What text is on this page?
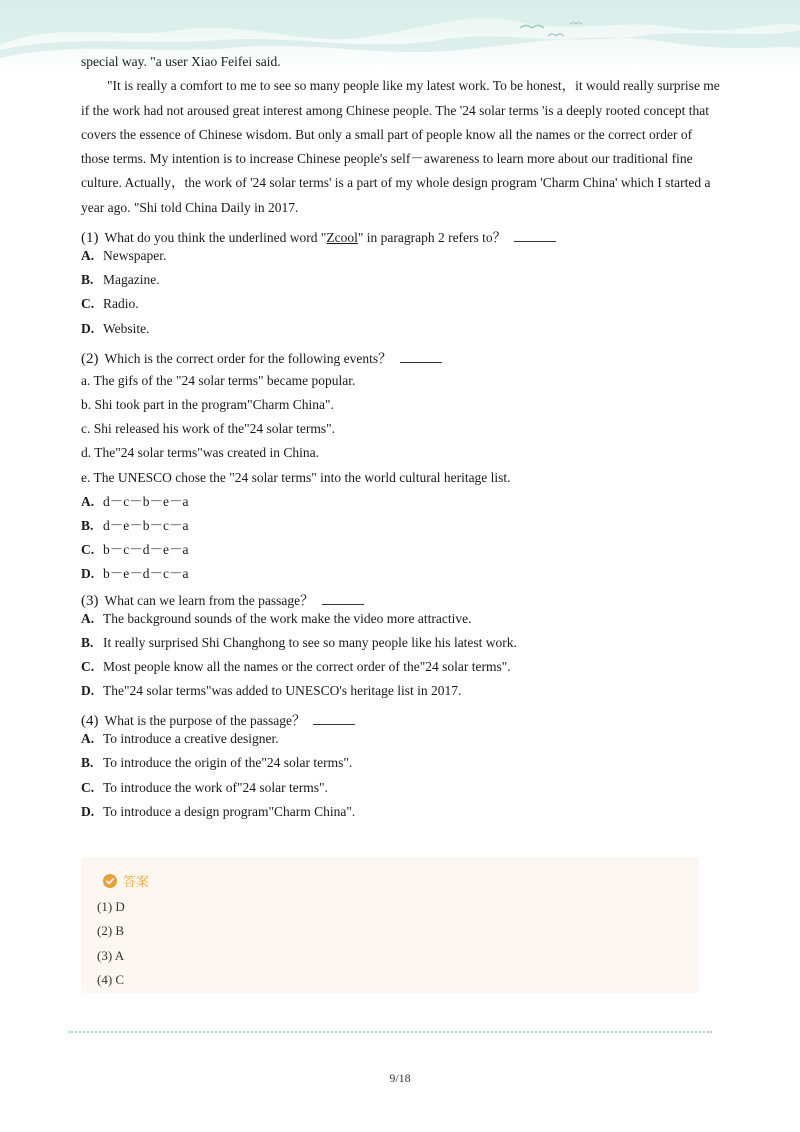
special way. "a user Xiao Feifei said.

"It is really a comfort to me to see so many people like my latest work. To be honest，it would really surprise me if the work had not aroused great interest among Chinese people. The '24 solar terms 'is a deeply rooted concept that covers the essence of Chinese wisdom. But only a small part of people know all the names or the correct order of those terms. My intention is to increase Chinese people's self－awareness to learn more about our traditional fine culture. Actually，the work of '24 solar terms' is a part of my whole design program 'Charm China' which I started a year ago. "Shi told China Daily in 2017.

(1) What do you think the underlined word "Zcool" in paragraph 2 refers to？
A. Newspaper.
B. Magazine.
C. Radio.
D. Website.
(2) Which is the correct order for the following events？
a. The gifs of the "24 solar terms" became popular.
b. Shi took part in the program"Charm China".
c. Shi released his work of the"24 solar terms".
d. The"24 solar terms"was created in China.
e. The UNESCO chose the "24 solar terms" into the world cultural heritage list.
A. d－c－b－e－a
B. d－e－b－c－a
C. b－c－d－e－a
D. b－e－d－c－a
(3) What can we learn from the passage？
A. The background sounds of the work make the video more attractive.
B. It really surprised Shi Changhong to see so many people like his latest work.
C. Most people know all the names or the correct order of the"24 solar terms".
D. The"24 solar terms"was added to UNESCO's heritage list in 2017.
(4) What is the purpose of the passage？
A. To introduce a creative designer.
B. To introduce the origin of the"24 solar terms".
C. To introduce the work of"24 solar terms".
D. To introduce a design program"Charm China".
答案
(1) D
(2) B
(3) A
(4) C
9/18
